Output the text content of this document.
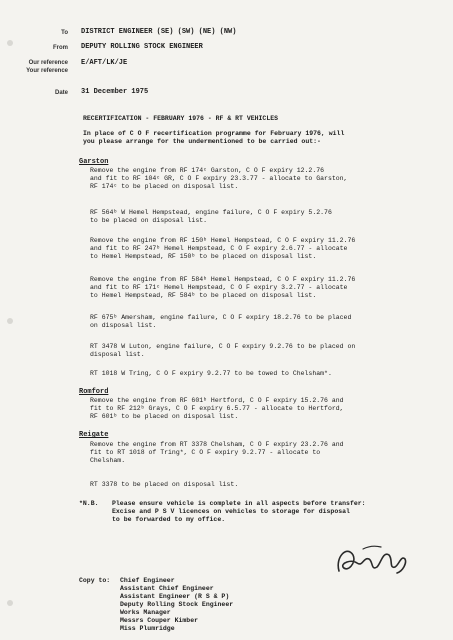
To DISTRICT ENGINEER (SE) (SW) (NE) (NW)
From DEPUTY ROLLING STOCK ENGINEER
Our reference
Your reference
E/AFT/LK/JE
Date 31 December 1975
RECERTIFICATION - FEBRUARY 1976 - RF & RT VEHICLES
In place of C O F recertification programme for February 1976, will
you please arrange for the undermentioned to be carried out:-
Garston
Remove the engine from RF 174ᶜ Garston, C O F expiry 12.2.76
and fit to RF 104ᶜ GR, C O F expiry 23.3.77 - allocate to Garston,
RF 174ᶜ to be placed on disposal list.
RF 564ᵇ W Hemel Hempstead, engine failure, C O F expiry 5.2.76
to be placed on disposal list.
Remove the engine from RF 150ᵇ Hemel Hempstead, C O F expiry 11.2.76
and fit to RF 247ᵇ Hemel Hempstead, C O F expiry 2.6.77 - allocate
to Hemel Hempstead, RF 150ᵇ to be placed on disposal list.
Remove the engine from RF 584ᵇ Hemel Hempstead, C O F expiry 11.2.76
and fit to RF 171ᶜ Hemel Hempstead, C O F expiry 3.2.77 - allocate
to Hemel Hempstead, RF 584ᵇ to be placed on disposal list.
RF 675ᵇ Amersham, engine failure, C O F expiry 18.2.76 to be placed
on disposal list.
RT 3478 W Luton, engine failure, C O F expiry 9.2.76 to be placed on
disposal list.
RT 1018 W Tring, C O F expiry 9.2.77 to be towed to Chelsham*.
Romford
Remove the engine from RF 601ᵇ Hertford, C O F expiry 15.2.76 and
fit to RF 212ᵇ Grays, C O F expiry 6.5.77 - allocate to Hertford,
RF 601ᵇ to be placed on disposal list.
Reigate
Remove the engine from RT 3378 Chelsham, C O F expiry 23.2.76 and
fit to RT 1018 of Tring*, C O F expiry 9.2.77 - allocate to
Chelsham.
RT 3378 to be placed on disposal list.
*N.B. Please ensure vehicle is complete in all aspects before transfer:
Excise and P S V licences on vehicles to storage for disposal
to be forwarded to my office.
Copy to: Chief Engineer
Assistant Chief Engineer
Assistant Engineer (R S & P)
Deputy Rolling Stock Engineer
Works Manager
Messrs Couper Kimber
Miss Plumridge
